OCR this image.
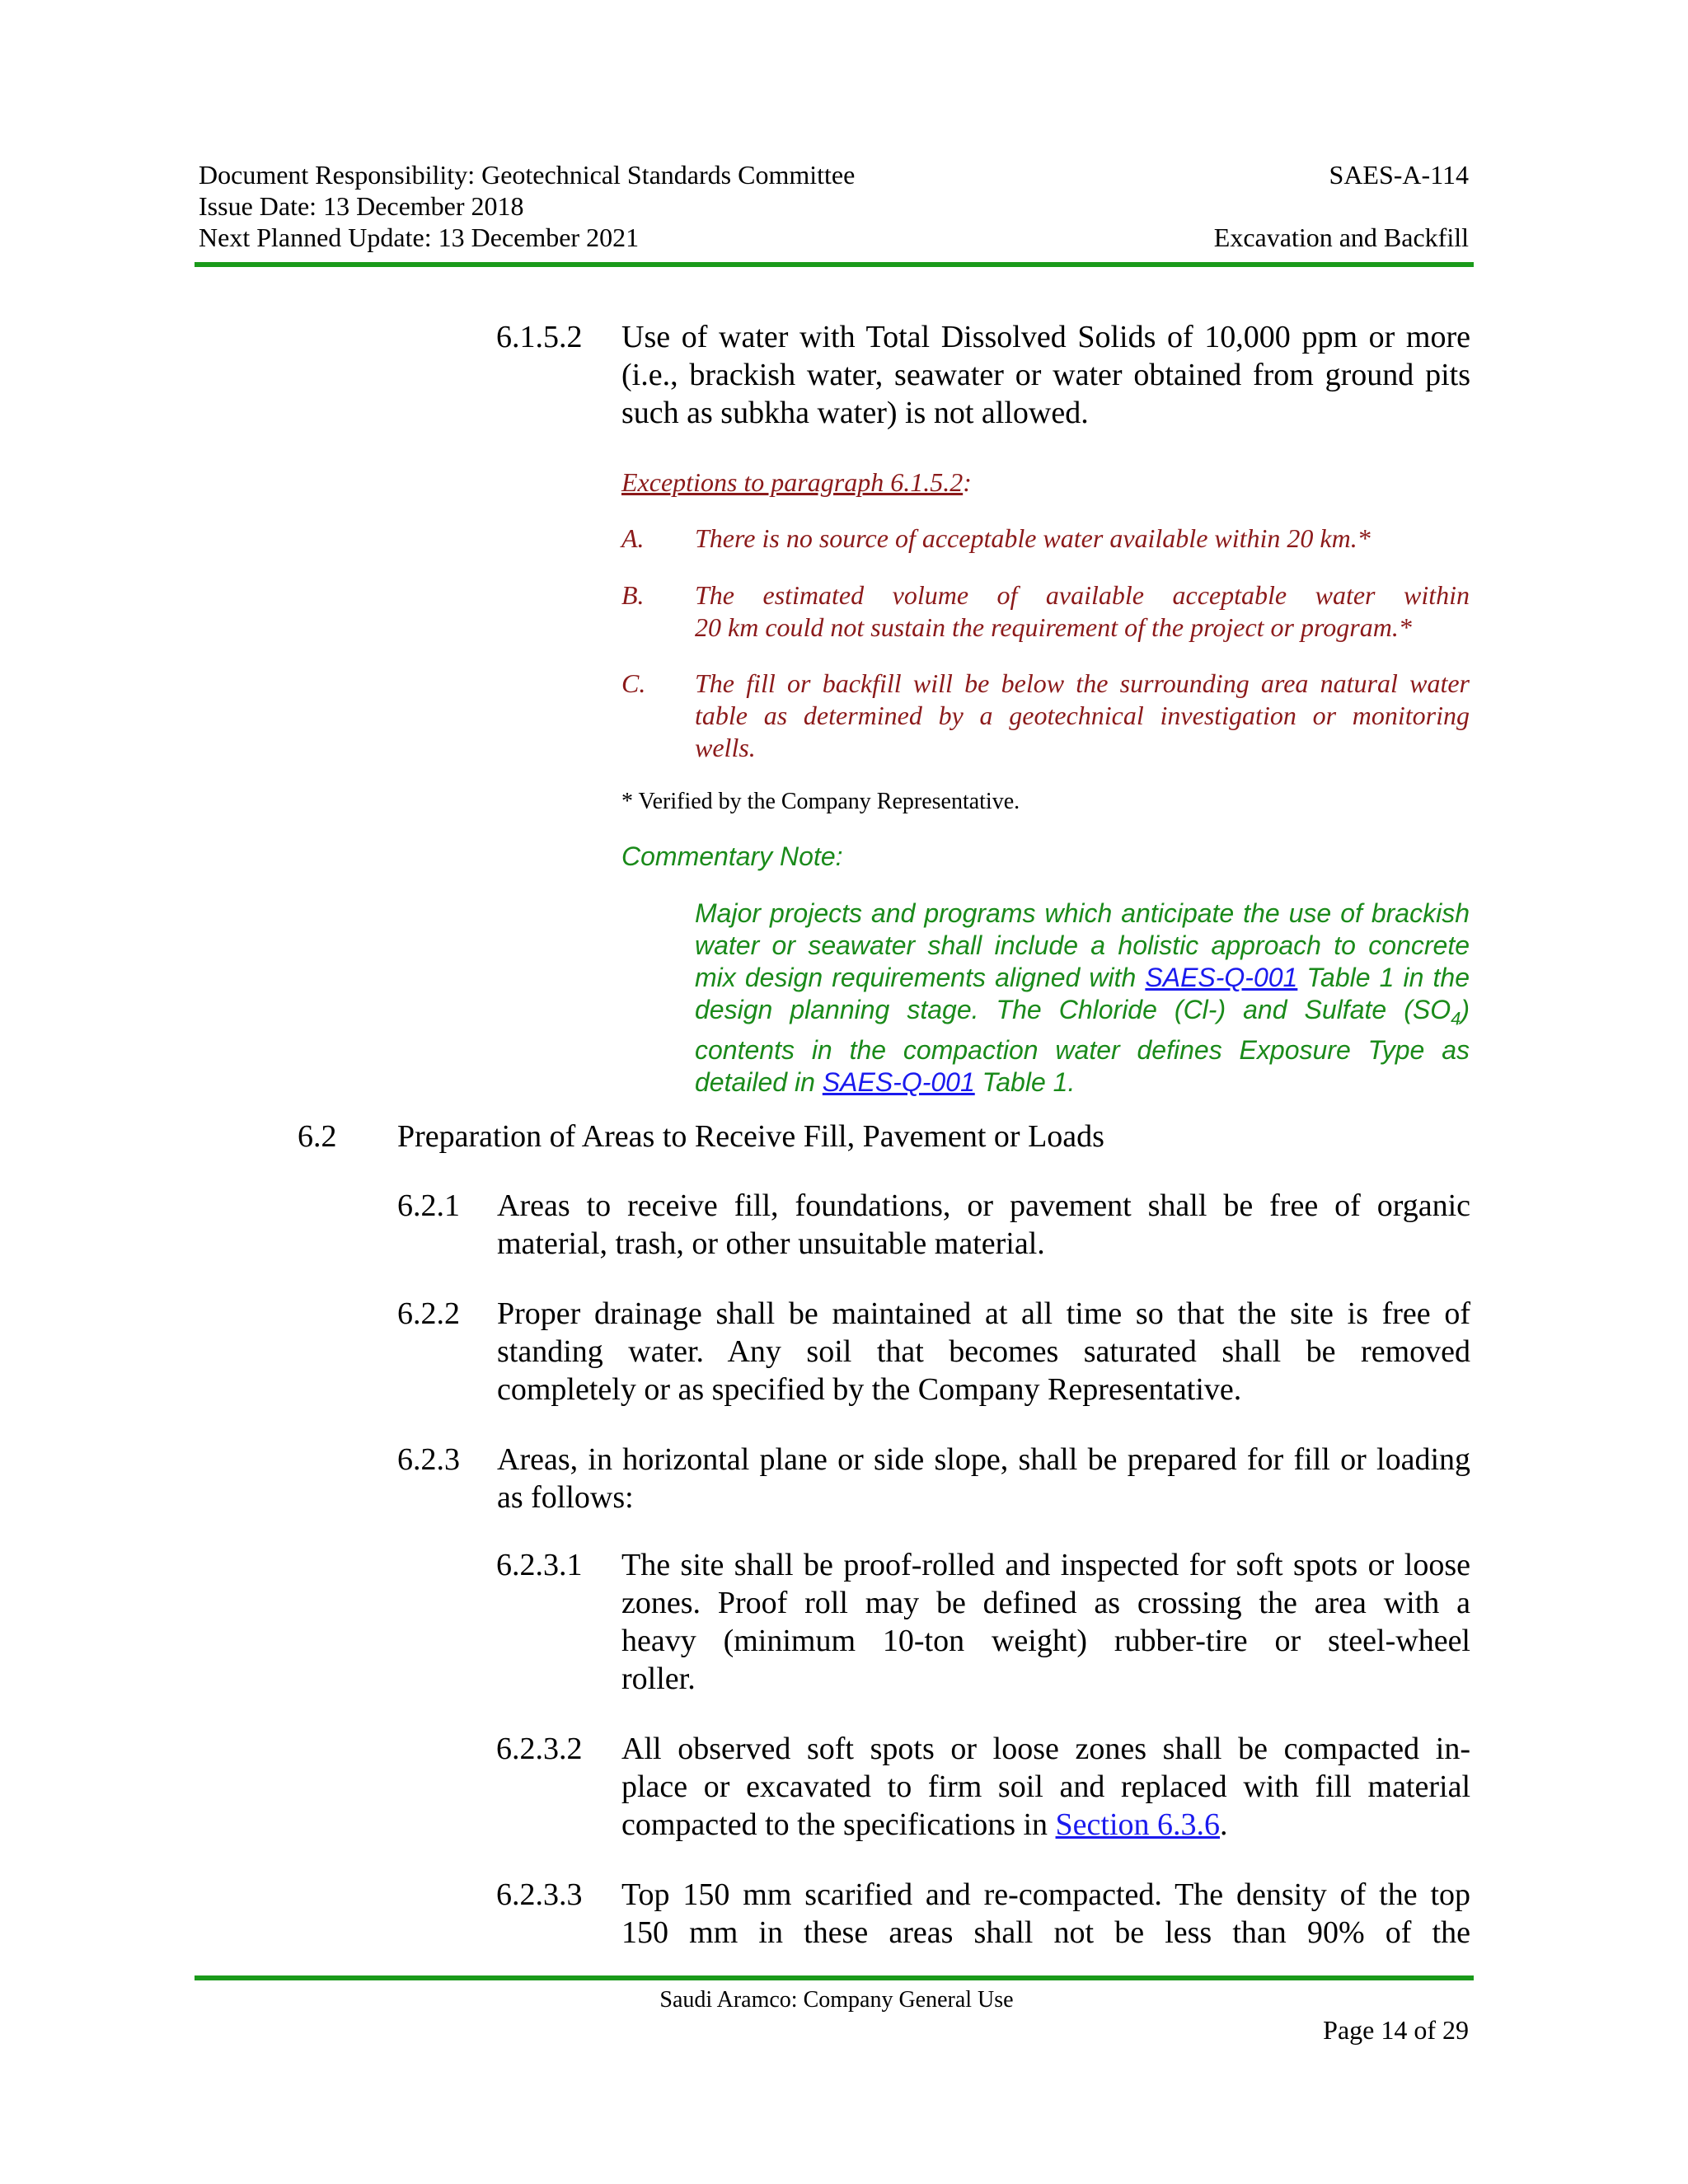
Document Responsibility: Geotechnical Standards Committee
Issue Date: 13 December 2018
Next Planned Update: 13 December 2021
SAES-A-114
Excavation and Backfill
6.1.5.2 Use of water with Total Dissolved Solids of 10,000 ppm or more
(i.e., brackish water, seawater or water obtained from ground pits
such as subkha water) is not allowed.
Exceptions to paragraph 6.1.5.2:
A. There is no source of acceptable water available within 20 km.*
B. The estimated volume of available acceptable water within
20 km could not sustain the requirement of the project or program.*
C. The fill or backfill will be below the surrounding area natural water
table as determined by a geotechnical investigation or monitoring
wells.
* Verified by the Company Representative.
Commentary Note:
Major projects and programs which anticipate the use of brackish
water or seawater shall include a holistic approach to concrete
mix design requirements aligned with SAES-Q-001 Table 1 in the
design planning stage. The Chloride (Cl-) and Sulfate $(SO_4)$
contents in the compaction water defines Exposure Type as
detailed in SAES-Q-001 Table 1.
6.2 Preparation of Areas to Receive Fill, Pavement or Loads
6.2.1 Areas to receive fill, foundations, or pavement shall be free of organic
material, trash, or other unsuitable material.
6.2.2 Proper drainage shall be maintained at all time so that the site is free of
standing water. Any soil that becomes saturated shall be removed
completely or as specified by the Company Representative.
6.2.3 Areas, in horizontal plane or side slope, shall be prepared for fill or loading
as follows:
6.2.3.1 The site shall be proof-rolled and inspected for soft spots or loose
zones. Proof roll may be defined as crossing the area with a
heavy (minimum 10-ton weight) rubber-tire or steel-wheel
roller.
6.2.3.2 All observed soft spots or loose zones shall be compacted in-
place or excavated to firm soil and replaced with fill material
compacted to the specifications in Section 6.3.6.
6.2.3.3 Top 150 mm scarified and re-compacted. The density of the top
150 mm in these areas shall not be less than 90% of the
Saudi Aramco: Company General Use
Page 14 of 29
